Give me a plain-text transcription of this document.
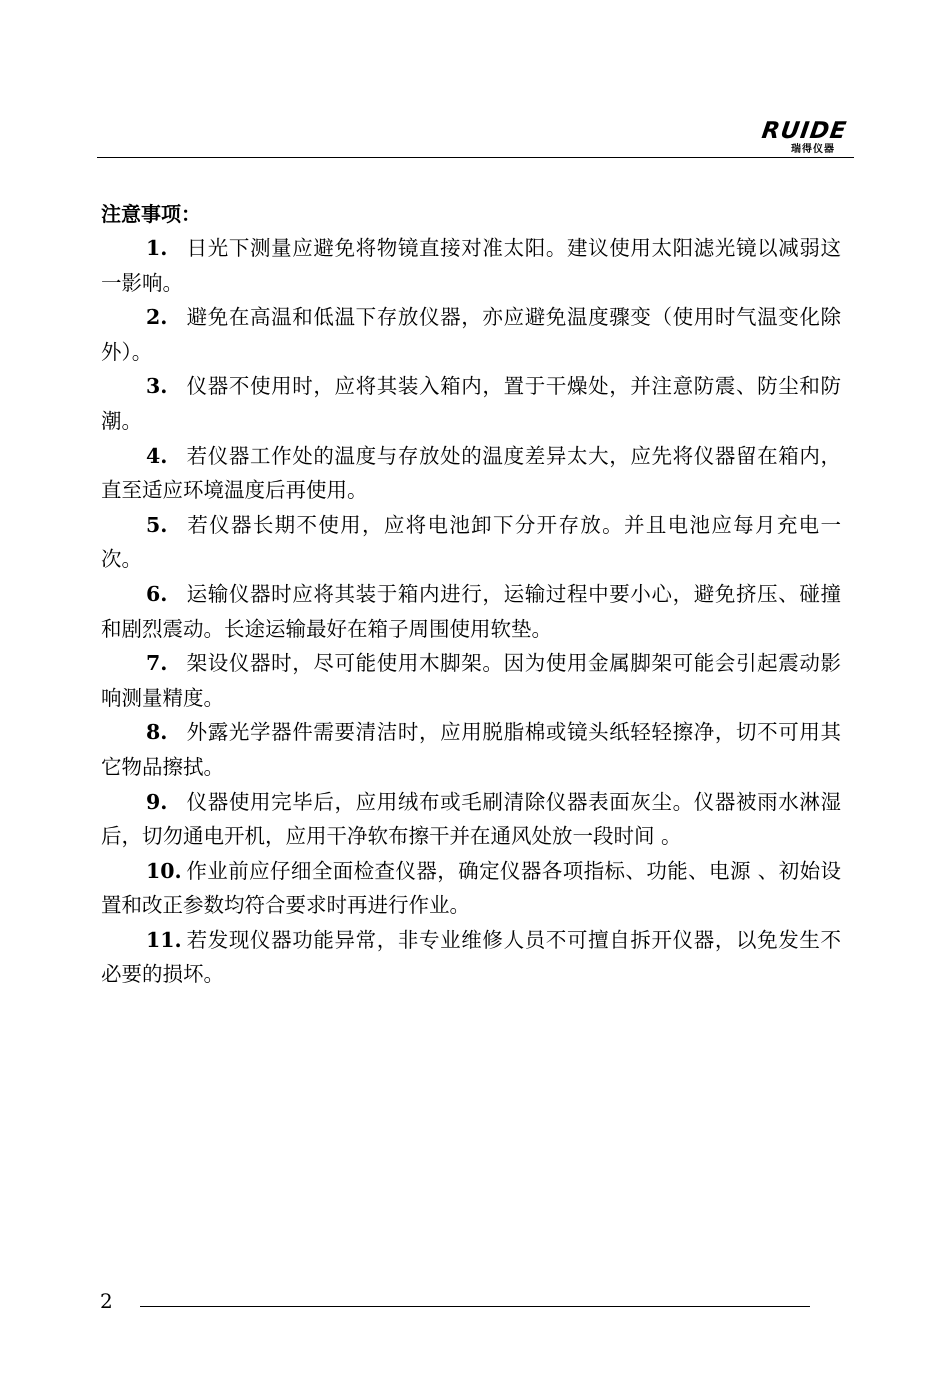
RUIDE
瑞得仪器

注意事项：

1. 日光下测量应避免将物镜直接对准太阳。建议使用太阳滤光镜以减弱这一影响。

2. 避免在高温和低温下存放仪器，亦应避免温度骤变（使用时气温变化除外）。

3. 仪器不使用时，应将其装入箱内，置于干燥处，并注意防震、防尘和防潮。

4. 若仪器工作处的温度与存放处的温度差异太大，应先将仪器留在箱内，直至适应环境温度后再使用。

5. 若仪器长期不使用，应将电池卸下分开存放。并且电池应每月充电一次。

6. 运输仪器时应将其装于箱内进行，运输过程中要小心，避免挤压、碰撞和剧烈震动。长途运输最好在箱子周围使用软垫。

7. 架设仪器时，尽可能使用木脚架。因为使用金属脚架可能会引起震动影响测量精度。

8. 外露光学器件需要清洁时，应用脱脂棉或镜头纸轻轻擦净，切不可用其它物品擦拭。

9. 仪器使用完毕后，应用绒布或毛刷清除仪器表面灰尘。仪器被雨水淋湿后，切勿通电开机，应用干净软布擦干并在通风处放一段时间 。

10. 作业前应仔细全面检查仪器，确定仪器各项指标、功能、电源 、初始设置和改正参数均符合要求时再进行作业。

11. 若发现仪器功能异常，非专业维修人员不可擅自拆开仪器，以免发生不必要的损坏。

2
